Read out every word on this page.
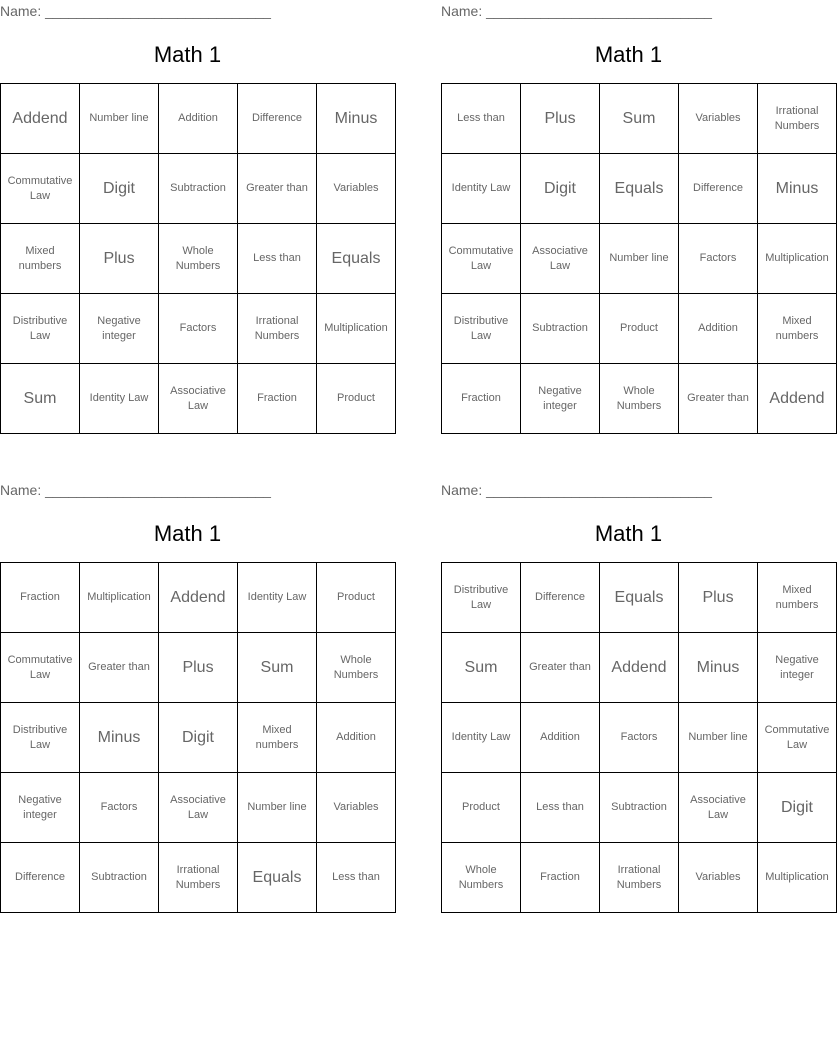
Name: _____________________________
Math 1
Addend	Number line	Addition	Difference	Minus
Commutative Law	Digit	Subtraction	Greater than	Variables
Mixed numbers	Plus	Whole Numbers	Less than	Equals
Distributive Law	Negative integer	Factors	Irrational Numbers	Multiplication
Sum	Identity Law	Associative Law	Fraction	Product
Name: _____________________________
Math 1
Less than	Plus	Sum	Variables	Irrational Numbers
Identity Law	Digit	Equals	Difference	Minus
Commutative Law	Associative Law	Number line	Factors	Multiplication
Distributive Law	Subtraction	Product	Addition	Mixed numbers
Fraction	Negative integer	Whole Numbers	Greater than	Addend
Name: _____________________________
Math 1
Fraction	Multiplication	Addend	Identity Law	Product
Commutative Law	Greater than	Plus	Sum	Whole Numbers
Distributive Law	Minus	Digit	Mixed numbers	Addition
Negative integer	Factors	Associative Law	Number line	Variables
Difference	Subtraction	Irrational Numbers	Equals	Less than
Name: _____________________________
Math 1
Distributive Law	Difference	Equals	Plus	Mixed numbers
Sum	Greater than	Addend	Minus	Negative integer
Identity Law	Addition	Factors	Number line	Commutative Law
Product	Less than	Subtraction	Associative Law	Digit
Whole Numbers	Fraction	Irrational Numbers	Variables	Multiplication
